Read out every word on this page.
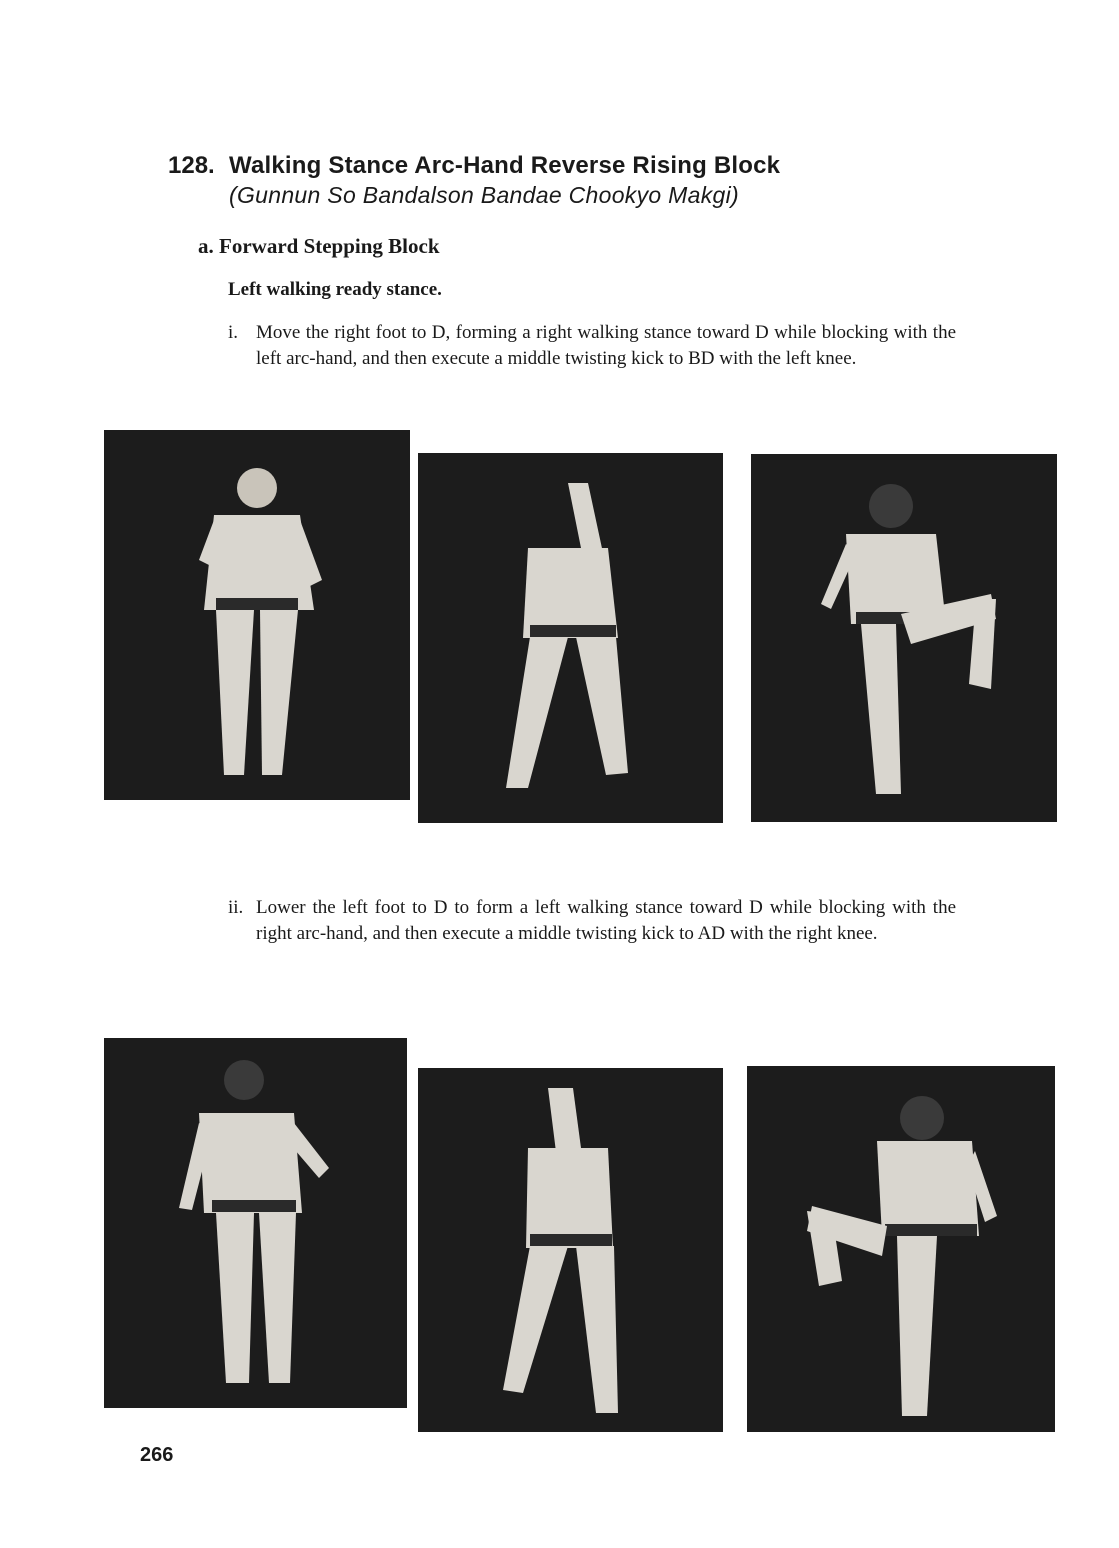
128. Walking Stance Arc-Hand Reverse Rising Block
(Gunnun So Bandalson Bandae Chookyo Makgi)
a. Forward Stepping Block
Left walking ready stance.
i. Move the right foot to D, forming a right walking stance toward D while blocking with the left arc-hand, and then execute a middle twisting kick to BD with the left knee.
ii. Lower the left foot to D to form a left walking stance toward D while blocking with the right arc-hand, and then execute a middle twisting kick to AD with the right knee.
266
